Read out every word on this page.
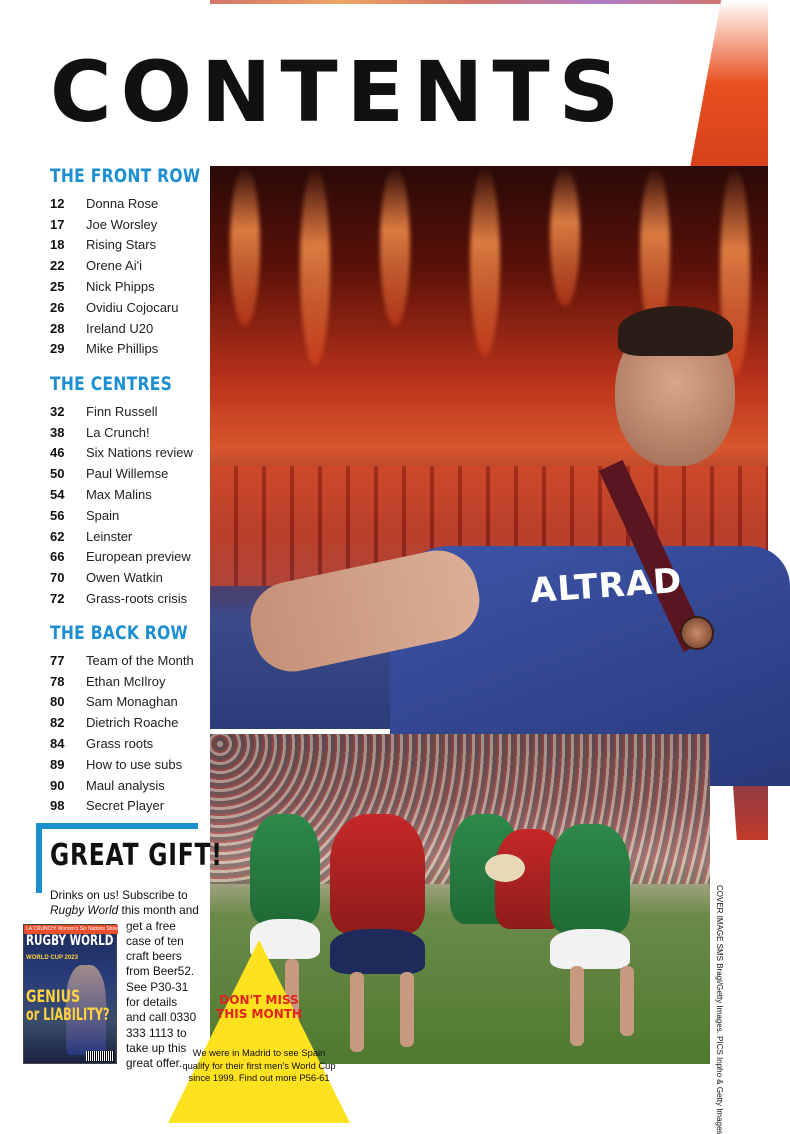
CONTENTS
ALTRAD
THE FRONT ROW
12	Donna Rose
17	Joe Worsley
18	Rising Stars
22	Orene Ai'i
25	Nick Phipps
26	Ovidiu Cojocaru
28	Ireland U20
29	Mike Phillips
THE CENTRES
32	Finn Russell
38	La Crunch!
46	Six Nations review
50	Paul Willemse
54	Max Malins
56	Spain
62	Leinster
66	European preview
70	Owen Watkin
72	Grass-roots crisis
THE BACK ROW
77	Team of the Month
78	Ethan McIlroy
80	Sam Monaghan
82	Dietrich Roache
84	Grass roots
89	How to use subs
90	Maul analysis
98	Secret Player
GREAT GIFT!
Drinks on us! Subscribe to
Rugby World this month and
get a free
case of ten
craft beers
from Beer52.
See P30-31
for details
and call 0330
333 1113 to
take up this
great offer.
LA CRUNCH! Women's Six Nations Showdown
RUGBY WORLD
WORLD CUP 2023
GENIUS
or LIABILITY?
DON'T MISS THIS MONTH
We were in Madrid to see Spain qualify for their first men's World Cup since 1999. Find out more P56-61	COVER IMAGE SMS Bragi/Getty Images. PICS Inpho & Getty Images
